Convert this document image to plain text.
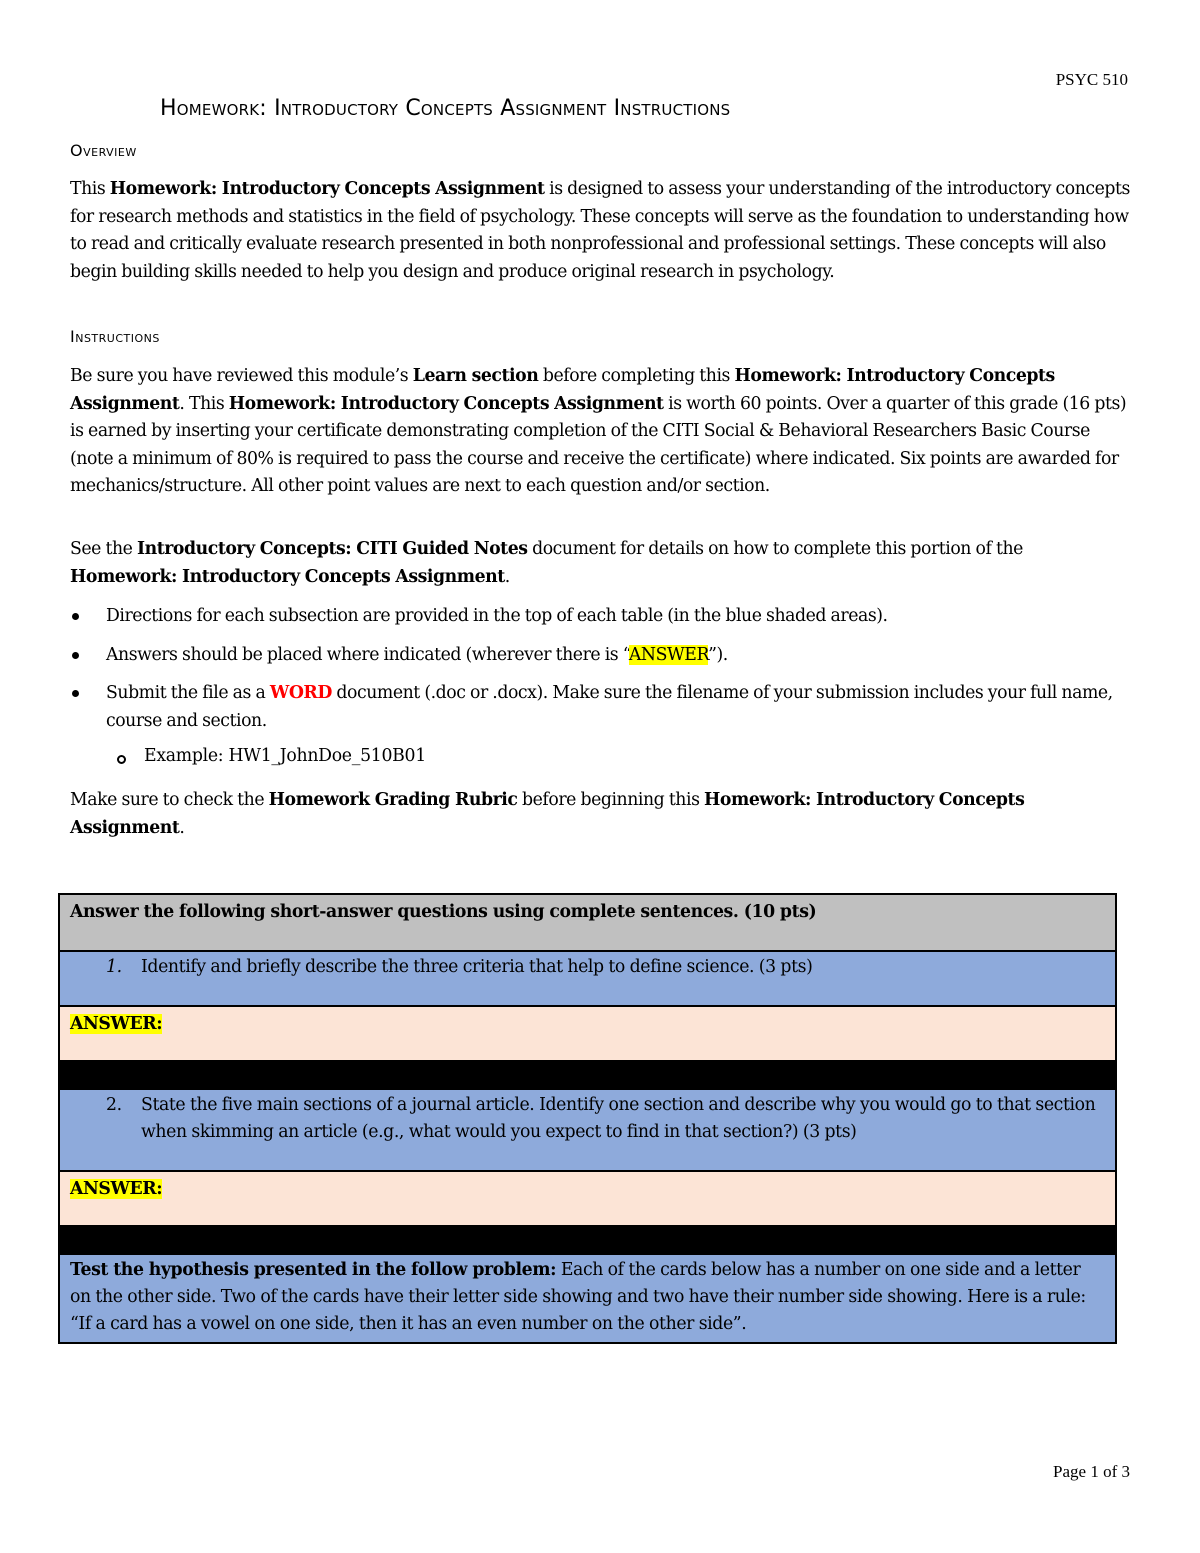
PSYC 510
Homework: Introductory Concepts Assignment Instructions
Overview

This Homework: Introductory Concepts Assignment is designed to assess your understanding of the introductory concepts for research methods and statistics in the field of psychology. These concepts will serve as the foundation to understanding how to read and critically evaluate research presented in both nonprofessional and professional settings. These concepts will also begin building skills needed to help you design and produce original research in psychology.

Instructions

Be sure you have reviewed this module’s Learn section before completing this Homework: Introductory Concepts Assignment. This Homework: Introductory Concepts Assignment is worth 60 points. Over a quarter of this grade (16 pts) is earned by inserting your certificate demonstrating completion of the CITI Social & Behavioral Researchers Basic Course (note a minimum of 80% is required to pass the course and receive the certificate) where indicated. Six points are awarded for mechanics/structure. All other point values are next to each question and/or section.

See the Introductory Concepts: CITI Guided Notes document for details on how to complete this portion of the Homework: Introductory Concepts Assignment.

Directions for each subsection are provided in the top of each table (in the blue shaded areas).
Answers should be placed where indicated (wherever there is “ANSWER”).
Submit the file as a WORD document (.doc or .docx). Make sure the filename of your submission includes your full name, course and section.
Example: HW1_JohnDoe_510B01

Make sure to check the Homework Grading Rubric before beginning this Homework: Introductory Concepts Assignment.

Answer the following short-answer questions using complete sentences. (10 pts)
1. Identify and briefly describe the three criteria that help to define science. (3 pts)
ANSWER:
2. State the five main sections of a journal article. Identify one section and describe why you would go to that section when skimming an article (e.g., what would you expect to find in that section?) (3 pts)
ANSWER:
Test the hypothesis presented in the follow problem: Each of the cards below has a number on one side and a letter on the other side. Two of the cards have their letter side showing and two have their number side showing. Here is a rule: “If a card has a vowel on one side, then it has an even number on the other side”.
Page 1 of 3
